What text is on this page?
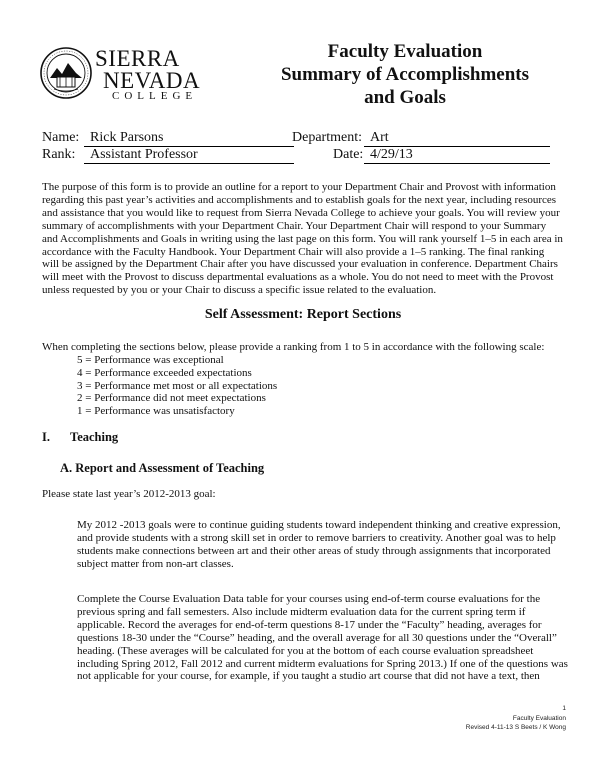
SIERRA
NEVADA
COLLEGE
Faculty Evaluation
Summary of Accomplishments
and Goals
Name: Rick Parsons	Department: Art
Rank:	Assistant Professor	Date: 4/29/13
The purpose of this form is to provide an outline for a report to your Department Chair and Provost with information regarding this past year’s activities and accomplishments and to establish goals for the next year, including resources and assistance that you would like to request from Sierra Nevada College to achieve your goals. You will review your summary of accomplishments with your Department Chair. Your Department Chair will respond to your Summary and Accomplishments and Goals in writing using the last page on this form. You will rank yourself 1–5 in each area in accordance with the Faculty Handbook. Your Department Chair will also provide a 1–5 ranking. The final ranking will be assigned by the Department Chair after you have discussed your evaluation in conference. Department Chairs will meet with the Provost to discuss departmental evaluations as a whole. You do not need to meet with the Provost unless requested by you or your Chair to discuss a specific issue related to the evaluation.
Self Assessment: Report Sections
When completing the sections below, please provide a ranking from 1 to 5 in accordance with the following scale:
5 = Performance was exceptional
4 = Performance exceeded expectations
3 = Performance met most or all expectations
2 = Performance did not meet expectations
1 = Performance was unsatisfactory
I. Teaching
A. Report and Assessment of Teaching
Please state last year’s 2012-2013 goal:
My 2012 -2013 goals were to continue guiding students toward independent thinking and creative expression, and provide students with a strong skill set in order to remove barriers to creativity. Another goal was to help students make connections between art and their other areas of study through assignments that incorporated subject matter from non-art classes.
Complete the Course Evaluation Data table for your courses using end-of-term course evaluations for the previous spring and fall semesters. Also include midterm evaluation data for the current spring term if applicable. Record the averages for end-of-term questions 8-17 under the “Faculty” heading, averages for questions 18-30 under the “Course” heading, and the overall average for all 30 questions under the “Overall” heading. (These averages will be calculated for you at the bottom of each course evaluation spreadsheet including Spring 2012, Fall 2012 and current midterm evaluations for Spring 2013.) If one of the questions was not applicable for your course, for example, if you taught a studio art course that did not have a text, then
1
Faculty Evaluation
Revised 4-11-13 S Beets / K Wong
